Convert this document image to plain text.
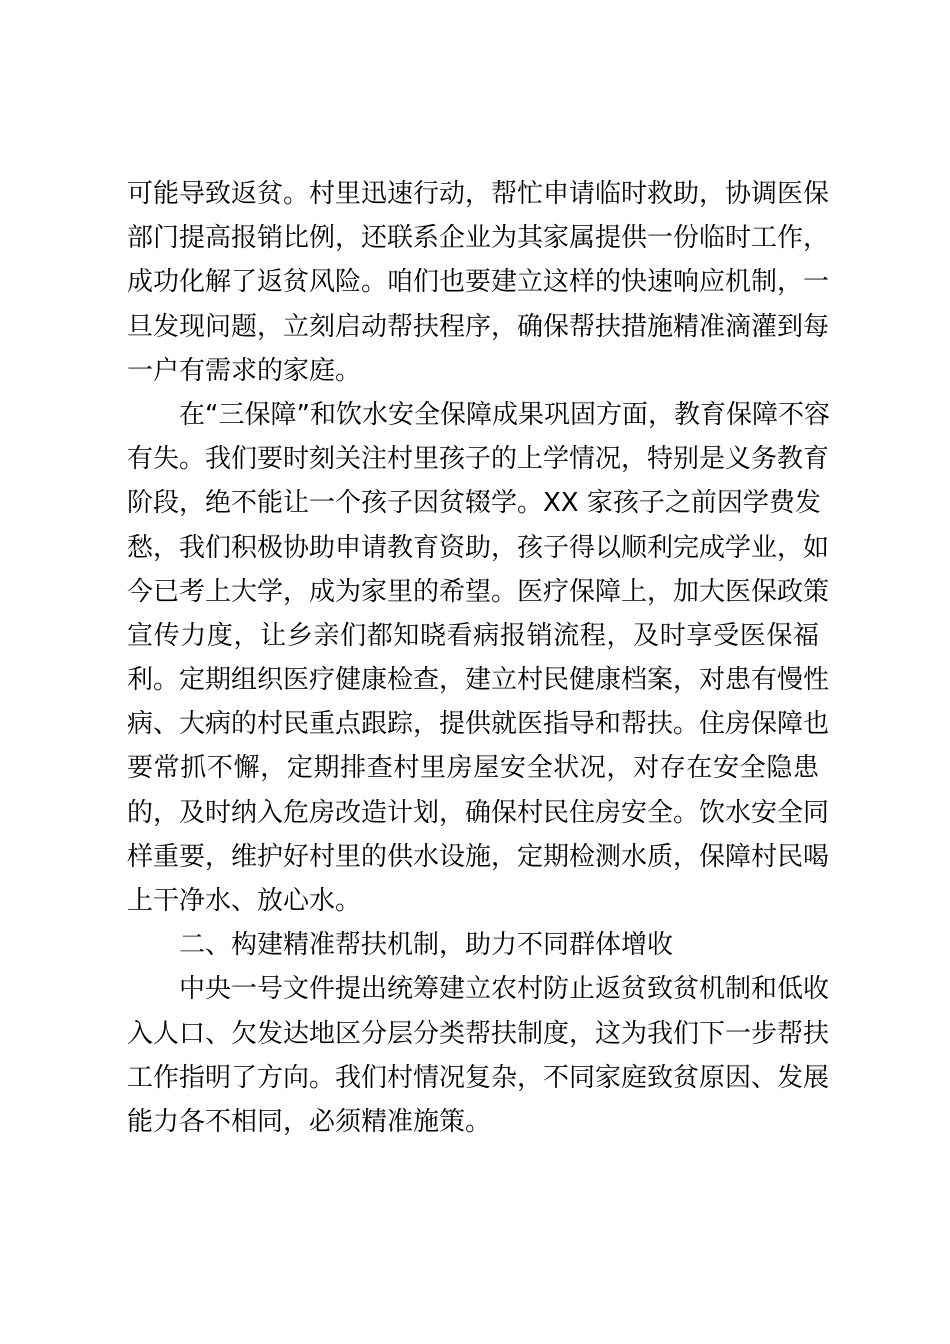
可能导致返贫。村里迅速行动，帮忙申请临时救助，协调医保
部门提高报销比例，还联系企业为其家属提供一份临时工作，
成功化解了返贫风险。咱们也要建立这样的快速响应机制，一
旦发现问题，立刻启动帮扶程序，确保帮扶措施精准滴灌到每
一户有需求的家庭。
在“三保障”和饮水安全保障成果巩固方面，教育保障不容
有失。我们要时刻关注村里孩子的上学情况，特别是义务教育
阶段，绝不能让一个孩子因贫辍学。XX 家孩子之前因学费发
愁，我们积极协助申请教育资助，孩子得以顺利完成学业，如
今已考上大学，成为家里的希望。医疗保障上，加大医保政策
宣传力度，让乡亲们都知晓看病报销流程，及时享受医保福
利。定期组织医疗健康检查，建立村民健康档案，对患有慢性
病、大病的村民重点跟踪，提供就医指导和帮扶。住房保障也
要常抓不懈，定期排查村里房屋安全状况，对存在安全隐患
的，及时纳入危房改造计划，确保村民住房安全。饮水安全同
样重要，维护好村里的供水设施，定期检测水质，保障村民喝
上干净水、放心水。
二、构建精准帮扶机制，助力不同群体增收
中央一号文件提出统筹建立农村防止返贫致贫机制和低收
入人口、欠发达地区分层分类帮扶制度，这为我们下一步帮扶
工作指明了方向。我们村情况复杂，不同家庭致贫原因、发展
能力各不相同，必须精准施策。
